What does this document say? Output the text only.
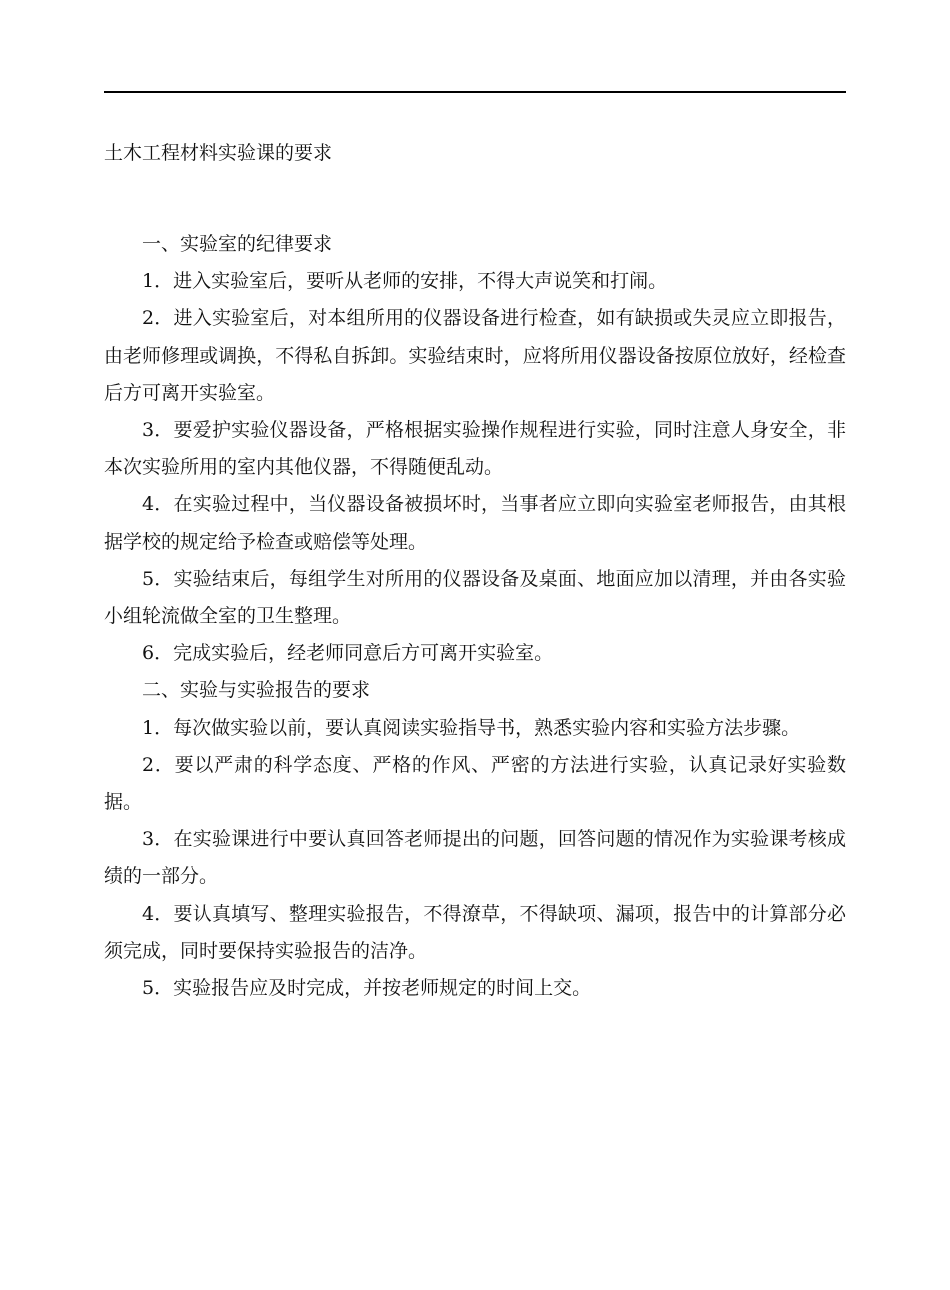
土木工程材料实验课的要求

一、实验室的纪律要求

1．进入实验室后，要听从老师的安排，不得大声说笑和打闹。

2．进入实验室后，对本组所用的仪器设备进行检查，如有缺损或失灵应立即报告，由老师修理或调换，不得私自拆卸。实验结束时，应将所用仪器设备按原位放好，经检查后方可离开实验室。

3．要爱护实验仪器设备，严格根据实验操作规程进行实验，同时注意人身安全，非本次实验所用的室内其他仪器，不得随便乱动。

4．在实验过程中，当仪器设备被损坏时，当事者应立即向实验室老师报告，由其根据学校的规定给予检查或赔偿等处理。

5．实验结束后，每组学生对所用的仪器设备及桌面、地面应加以清理，并由各实验小组轮流做全室的卫生整理。

6．完成实验后，经老师同意后方可离开实验室。

二、实验与实验报告的要求

1．每次做实验以前，要认真阅读实验指导书，熟悉实验内容和实验方法步骤。

2．要以严肃的科学态度、严格的作风、严密的方法进行实验，认真记录好实验数据。

3．在实验课进行中要认真回答老师提出的问题，回答问题的情况作为实验课考核成绩的一部分。

4．要认真填写、整理实验报告，不得潦草，不得缺项、漏项，报告中的计算部分必须完成，同时要保持实验报告的洁净。

5．实验报告应及时完成，并按老师规定的时间上交。
